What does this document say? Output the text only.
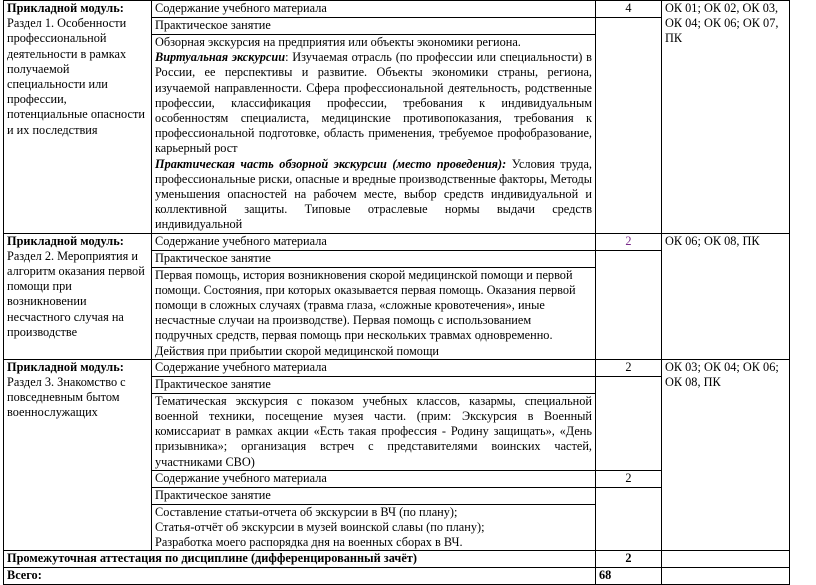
Прикладной модуль:
Раздел 1. Особенности профессиональной деятельности в рамках получаемой специальности или профессии, потенциальные опасности и их последствия	Содержание учебного материала	4	ОК 01; ОК 02, ОК 03, ОК 04; ОК 06; ОК 07, ПК
	Практическое занятие		

	Обзорная экскурсия на предприятия или объекты экономики региона.

Виртуальная экскурсии: Изучаемая отрасль (по профессии или специальности) в России, ее перспективы и развитие. Объекты экономики страны, региона, изучаемой направленности. Сфера профессиональной деятельность, родственные профессии, классификация профессии, требования к индивидуальным особенностям специалиста, медицинские противопоказания, требования к профессиональной подготовке, область применения, требуемое профобразование, карьерный рост

Практическая часть обзорной экскурсии (место проведения): Условия труда, профессиональные риски, опасные и вредные производственные факторы, Методы уменьшения опасностей на рабочем месте, выбор средств индивидуальной и коллективной защиты. Типовые отраслевые нормы выдачи средств индивидуальной		

Прикладной модуль:
Раздел 2. Мероприятия и алгоритм оказания первой помощи при возникновении несчастного случая на производстве	Содержание учебного материала	2	ОК 06; ОК 08, ПК
	Практическое занятие		
	Первая помощь, история возникновения скорой медицинской помощи и первой помощи. Состояния, при которых оказывается первая помощь. Оказания первой помощи в сложных случаях (травма глаза, «сложные кровотечения», иные несчастные случаи на производстве). Первая помощь с использованием подручных средств, первая помощь при нескольких травмах одновременно. Действия при прибытии скорой медицинской помощи		

Прикладной модуль:
Раздел 3. Знакомство с повседневным бытом военнослужащих	Содержание учебного материала	2	ОК 03; ОК 04; ОК 06; ОК 08, ПК
	Практическое занятие		
	Тематическая экскурсия с показом учебных классов, казармы, специальной военной техники, посещение музея части. (прим: Экскурсия в Военный комиссариат в рамках акции «Есть такая профессия - Родину защищать», «День призывника»; организация встреч с представителями воинских частей, участниками СВО)		
	Содержание учебного материала	2	
	Практическое занятие		

	Составление статьи-отчета об экскурсии в ВЧ (по плану);
Статья-отчёт об экскурсии в музей воинской славы (по плану);
Разработка моего распорядка дня на военных сборах в ВЧ.		

Промежуточная аттестация по дисциплине (дифференцированный зачёт)		2	
Всего:		68	
